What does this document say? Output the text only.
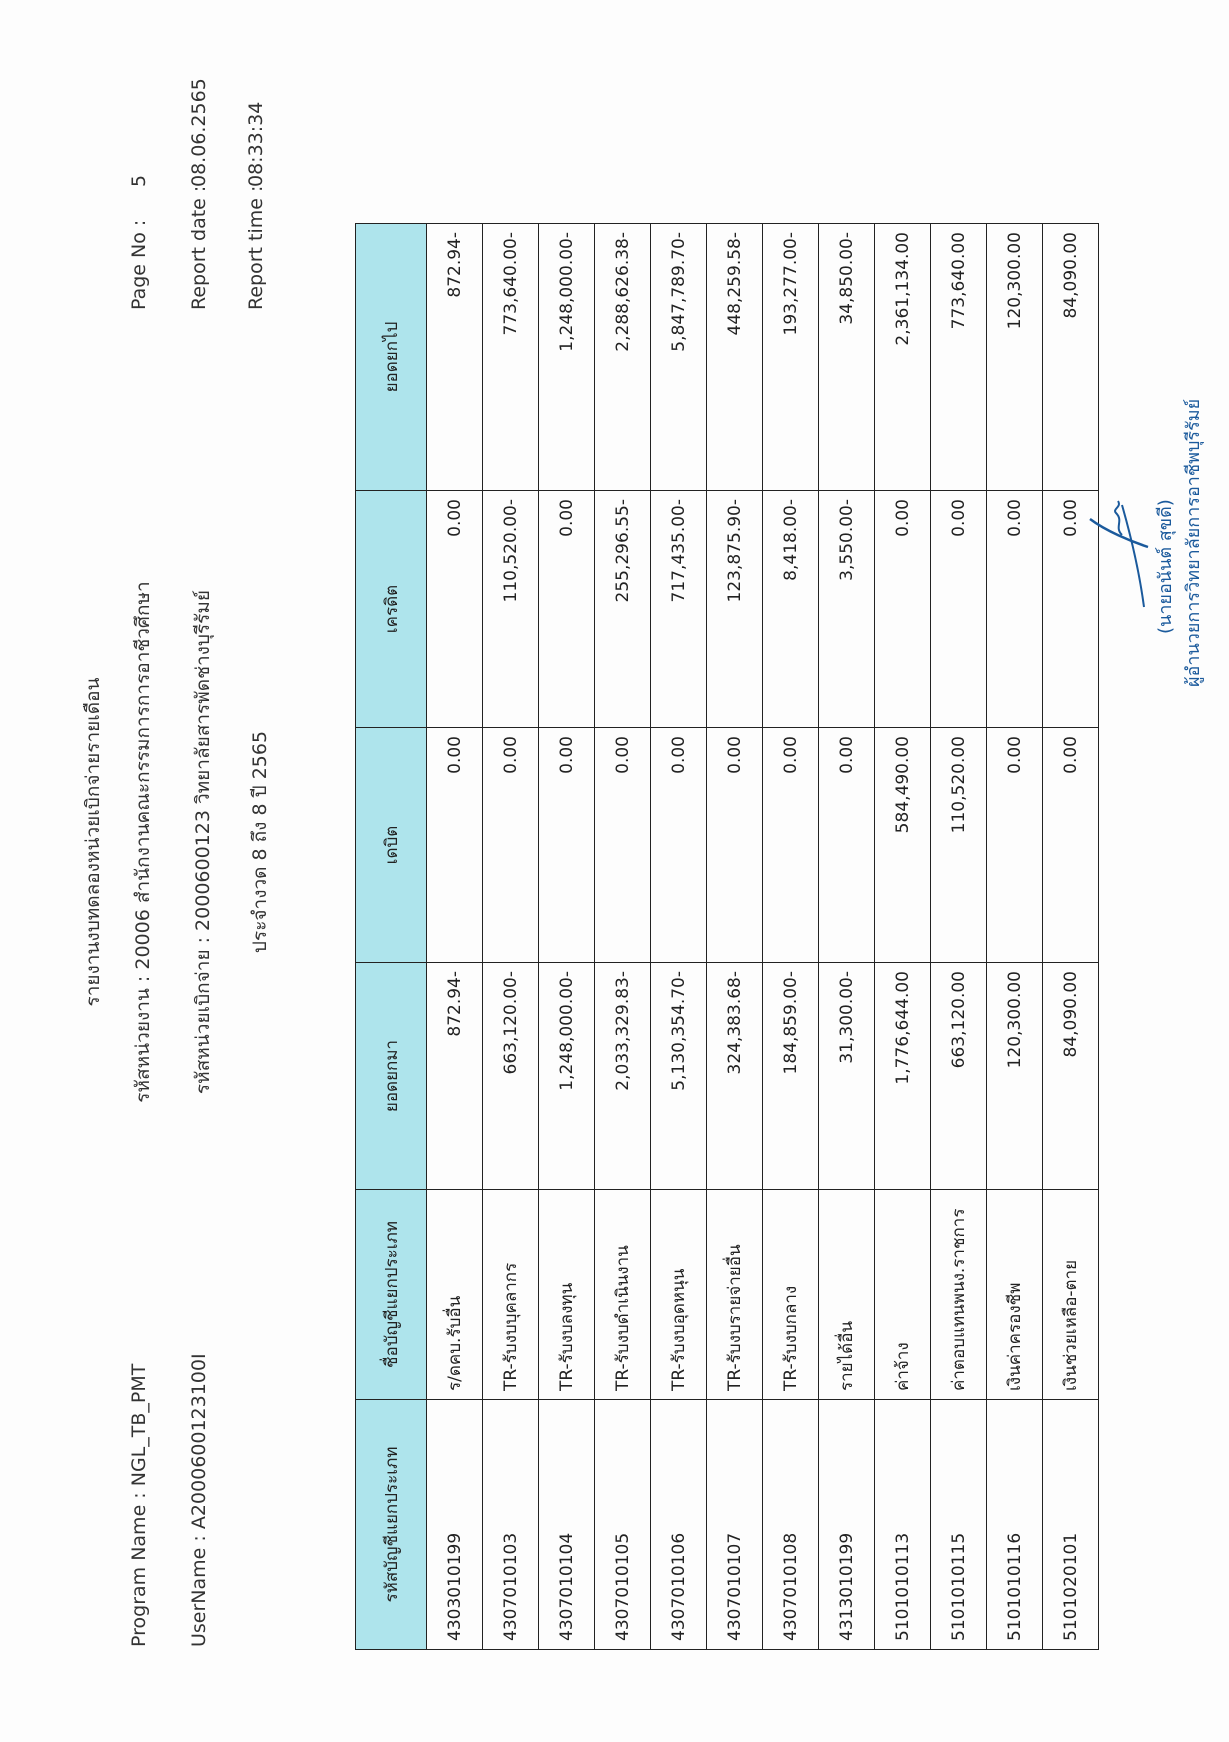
รายงานงบทดลองหน่วยเบิกจ่ายรายเดือน
Program Name : NGL_TB_PMT UserName : A2000600123100I
รหัสหน่วยงาน : 20006 สำนักงานคณะกรรมการการอาชีวศึกษา รหัสหน่วยเบิกจ่าย : 2000600123 วิทยาลัยสารพัดช่างบุรีรัมย์ ประจำงวด 8 ถึง 8 ปี 2565
Page No :
5
Report date :
08.06.2565
Report time :
08:33:34
รหัสบัญชีแยกประเภท	ชื่อบัญชีแยกประเภท	ยอดยกมา	เดบิต	เครดิต	ยอดยกไป
4303010199	ร/ดคบ.รับอื่น	872.94-	0.00	0.00	872.94-
4307010103	TR-รับงบบุคลากร	663,120.00-	0.00	110,520.00-	773,640.00-
4307010104	TR-รับงบลงทุน	1,248,000.00-	0.00	0.00	1,248,000.00-
4307010105	TR-รับงบดำเนินงาน	2,033,329.83-	0.00	255,296.55-	2,288,626.38-
4307010106	TR-รับงบอุดหนุน	5,130,354.70-	0.00	717,435.00-	5,847,789.70-
4307010107	TR-รับงบรายจ่ายอื่น	324,383.68-	0.00	123,875.90-	448,259.58-
4307010108	TR-รับงบกลาง	184,859.00-	0.00	8,418.00-	193,277.00-
4313010199	รายได้อื่น	31,300.00-	0.00	3,550.00-	34,850.00-
5101010113	ค่าจ้าง	1,776,644.00	584,490.00	0.00	2,361,134.00
5101010115	ค่าตอบแทนพนง.ราชการ	663,120.00	110,520.00	0.00	773,640.00
5101010116	เงินค่าครองชีพ	120,300.00	0.00	0.00	120,300.00
5101020101	เงินช่วยเหลือ-ตาย	84,090.00	0.00	0.00	84,090.00
(นายอนันต์ สุขดี) ผู้อำนวยการวิทยาลัยการอาชีพบุรีรัมย์
